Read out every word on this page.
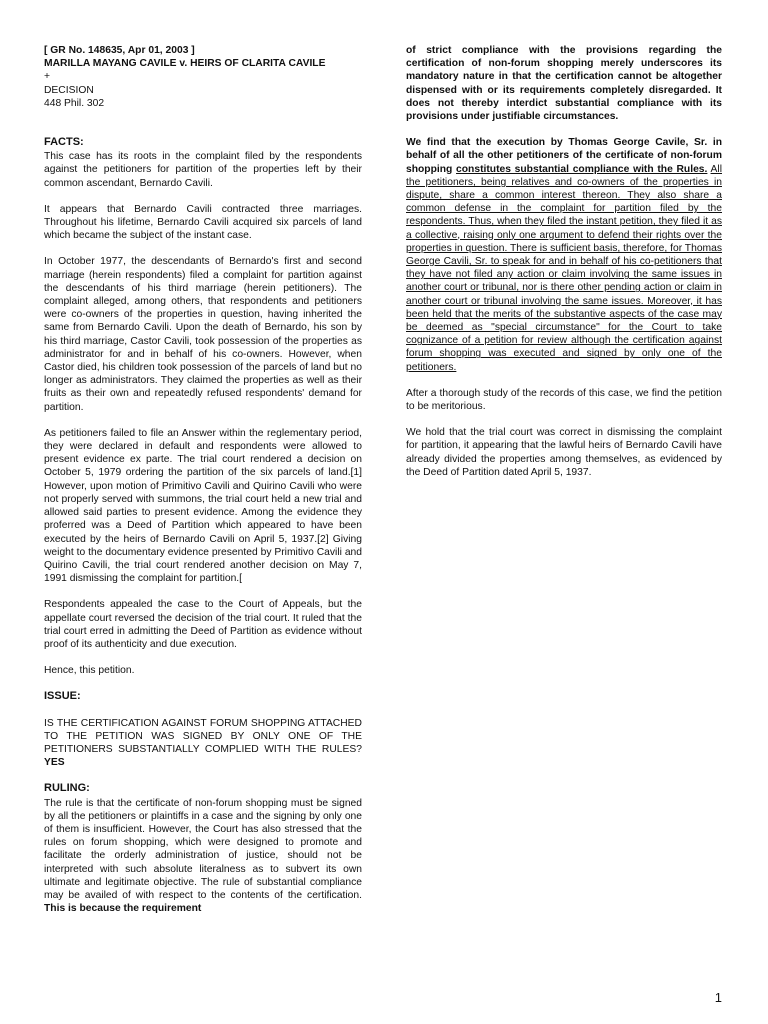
[ GR No. 148635, Apr 01, 2003 ]
MARILLA MAYANG CAVILE v. HEIRS OF CLARITA CAVILE
+
DECISION
448 Phil. 302
FACTS:

This case has its roots in the complaint filed by the respondents against the petitioners for partition of the properties left by their common ascendant, Bernardo Cavili.

It appears that Bernardo Cavili contracted three marriages. Throughout his lifetime, Bernardo Cavili acquired six parcels of land which became the subject of the instant case.

In October 1977, the descendants of Bernardo's first and second marriage (herein respondents) filed a complaint for partition against the descendants of his third marriage (herein petitioners). The complaint alleged, among others, that respondents and petitioners were co-owners of the properties in question, having inherited the same from Bernardo Cavili. Upon the death of Bernardo, his son by his third marriage, Castor Cavili, took possession of the properties as administrator for and in behalf of his co-owners. However, when Castor died, his children took possession of the parcels of land but no longer as administrators. They claimed the properties as well as their fruits as their own and repeatedly refused respondents' demand for partition.

As petitioners failed to file an Answer within the reglementary period, they were declared in default and respondents were allowed to present evidence ex parte. The trial court rendered a decision on October 5, 1979 ordering the partition of the six parcels of land.[1] However, upon motion of Primitivo Cavili and Quirino Cavili who were not properly served with summons, the trial court held a new trial and allowed said parties to present evidence. Among the evidence they proferred was a Deed of Partition which appeared to have been executed by the heirs of Bernardo Cavili on April 5, 1937.[2] Giving weight to the documentary evidence presented by Primitivo Cavili and Quirino Cavili, the trial court rendered another decision on May 7, 1991 dismissing the complaint for partition.[

Respondents appealed the case to the Court of Appeals, but the appellate court reversed the decision of the trial court. It ruled that the trial court erred in admitting the Deed of Partition as evidence without proof of its authenticity and due execution.

Hence, this petition.

ISSUE:

IS THE CERTIFICATION AGAINST FORUM SHOPPING ATTACHED TO THE PETITION WAS SIGNED BY ONLY ONE OF THE PETITIONERS SUBSTANTIALLY COMPLIED WITH THE RULES? YES

RULING:

The rule is that the certificate of non-forum shopping must be signed by all the petitioners or plaintiffs in a case and the signing by only one of them is insufficient. However, the Court has also stressed that the rules on forum shopping, which were designed to promote and facilitate the orderly administration of justice, should not be interpreted with such absolute literalness as to subvert its own ultimate and legitimate objective. The rule of substantial compliance may be availed of with respect to the contents of the certification. This is because the requirement

of strict compliance with the provisions regarding the certification of non-forum shopping merely underscores its mandatory nature in that the certification cannot be altogether dispensed with or its requirements completely disregarded. It does not thereby interdict substantial compliance with its provisions under justifiable circumstances.

We find that the execution by Thomas George Cavile, Sr. in behalf of all the other petitioners of the certificate of non-forum shopping constitutes substantial compliance with the Rules. All the petitioners, being relatives and co-owners of the properties in dispute, share a common interest thereon. They also share a common defense in the complaint for partition filed by the respondents. Thus, when they filed the instant petition, they filed it as a collective, raising only one argument to defend their rights over the properties in question. There is sufficient basis, therefore, for Thomas George Cavili, Sr. to speak for and in behalf of his co-petitioners that they have not filed any action or claim involving the same issues in another court or tribunal, nor is there other pending action or claim in another court or tribunal involving the same issues. Moreover, it has been held that the merits of the substantive aspects of the case may be deemed as "special circumstance" for the Court to take cognizance of a petition for review although the certification against forum shopping was executed and signed by only one of the petitioners.

After a thorough study of the records of this case, we find the petition to be meritorious.

We hold that the trial court was correct in dismissing the complaint for partition, it appearing that the lawful heirs of Bernardo Cavili have already divided the properties among themselves, as evidenced by the Deed of Partition dated April 5, 1937.

1
